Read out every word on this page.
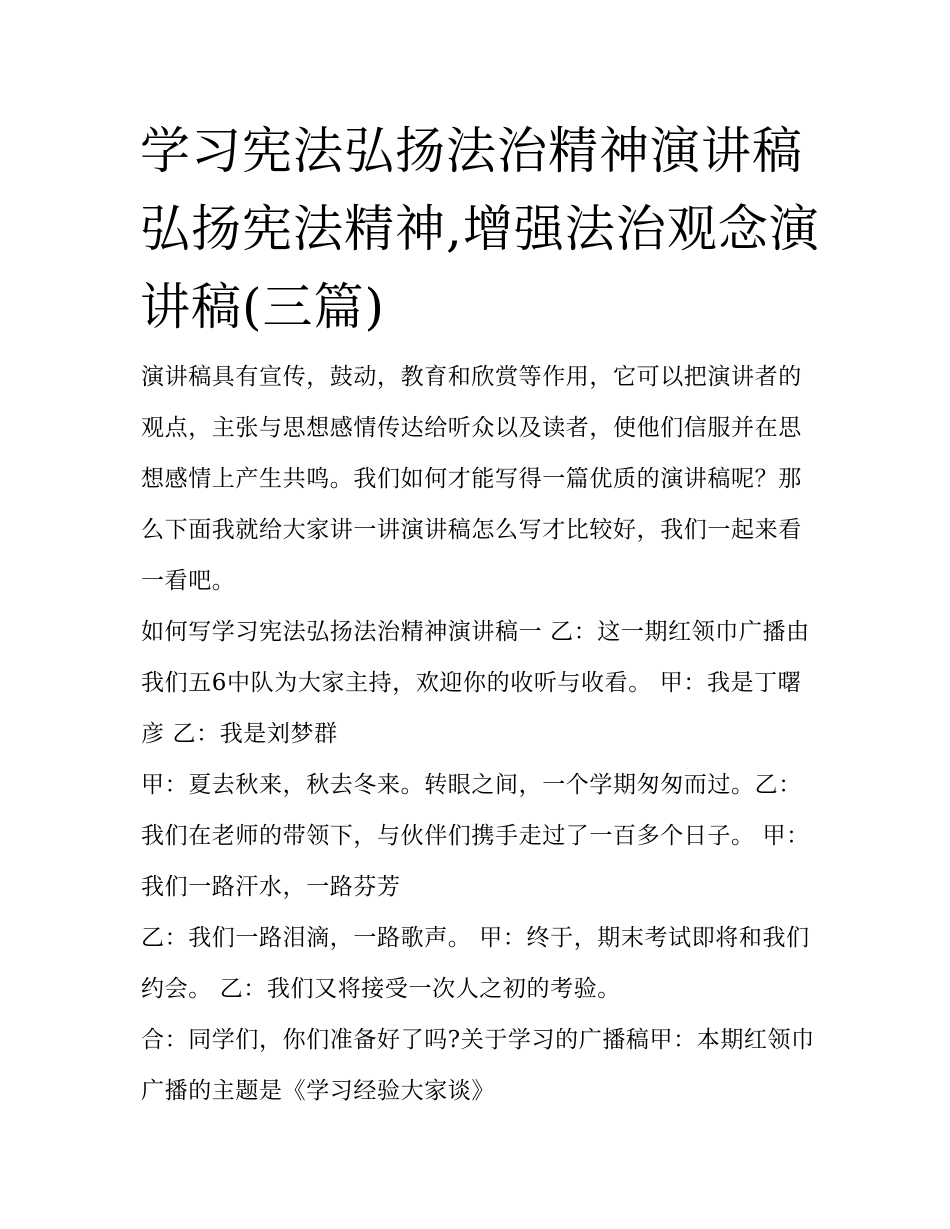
学习宪法弘扬法治精神演讲稿弘扬宪法精神,增强法治观念演讲稿(三篇)

演讲稿具有宣传，鼓动，教育和欣赏等作用，它可以把演讲者的观点，主张与思想感情传达给听众以及读者，使他们信服并在思想感情上产生共鸣。我们如何才能写得一篇优质的演讲稿呢？那么下面我就给大家讲一讲演讲稿怎么写才比较好，我们一起来看一看吧。

如何写学习宪法弘扬法治精神演讲稿一 乙：这一期红领巾广播由我们五6中队为大家主持，欢迎你的收听与收看。 甲：我是丁曙彦 乙：我是刘梦群

甲：夏去秋来，秋去冬来。转眼之间，一个学期匆匆而过。乙：我们在老师的带领下，与伙伴们携手走过了一百多个日子。 甲：我们一路汗水，一路芬芳

乙：我们一路泪滴，一路歌声。 甲：终于，期末考试即将和我们约会。 乙：我们又将接受一次人之初的考验。

合：同学们，你们准备好了吗?关于学习的广播稿甲：本期红领巾广播的主题是《学习经验大家谈》
